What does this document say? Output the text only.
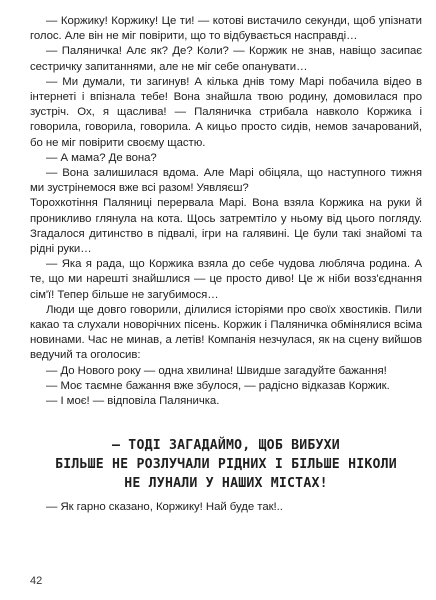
— Коржику! Коржику! Це ти! — котові вистачило секунди, щоб упізнати голос. Але він не міг повірити, що то відбувається насправді…

— Паляничка! Алє як? Де? Коли? — Коржик не знав, навіщо засипає сестричку запитаннями, але не міг себе опанувати…

— Ми думали, ти загинув! А кілька днів тому Марі побачила відео в інтернеті і впізнала тебе! Вона знайшла твою родину, домовилася про зустріч. Ох, я щаслива! — Паляничка стрибала навколо Коржика і говорила, говорила, говорила. А кицьо просто сидів, немов зачарований, бо не міг повірити своєму щастю.

— А мама? Де вона?

— Вона залишилася вдома. Але Марі обіцяла, що наступного тижня ми зустрінемося вже всі разом! Уявляєш?

Торохкотіння Паляниці перервала Марі. Вона взяла Коржика на руки й проникливо глянула на кота. Щось затремтіло у ньому від цього погляду. Згадалося дитинство в підвалі, ігри на галявині. Це були такі знайомі та рідні руки…

— Яка я рада, що Коржика взяла до себе чудова любляча родина. А те, що ми нарешті знайшлися — це просто диво! Це ж ніби возз'єднання сім'ї! Тепер більше не загубимося…

Люди ще довго говорили, ділилися історіями про своїх хвостиків. Пили какао та слухали новорічних пісень. Коржик і Паляничка обмінялися всіма новинами. Час не минав, а летів! Компанія незчулася, як на сцену вийшов ведучий та оголосив:

— До Нового року — одна хвилина! Швидше загадуйте бажання!

— Моє таємне бажання вже збулося, — радісно відказав Коржик.

— І моє! — відповіла Паляничка.

— ТОДІ ЗАГАДАЙМО, ЩОБ ВИБУХИ
БІЛЬШЕ НЕ РОЗЛУЧАЛИ РІДНИХ І БІЛЬШЕ НІКОЛИ
НЕ ЛУНАЛИ У НАШИХ МІСТАХ!

— Як гарно сказано, Коржику! Най буде так!..

42
